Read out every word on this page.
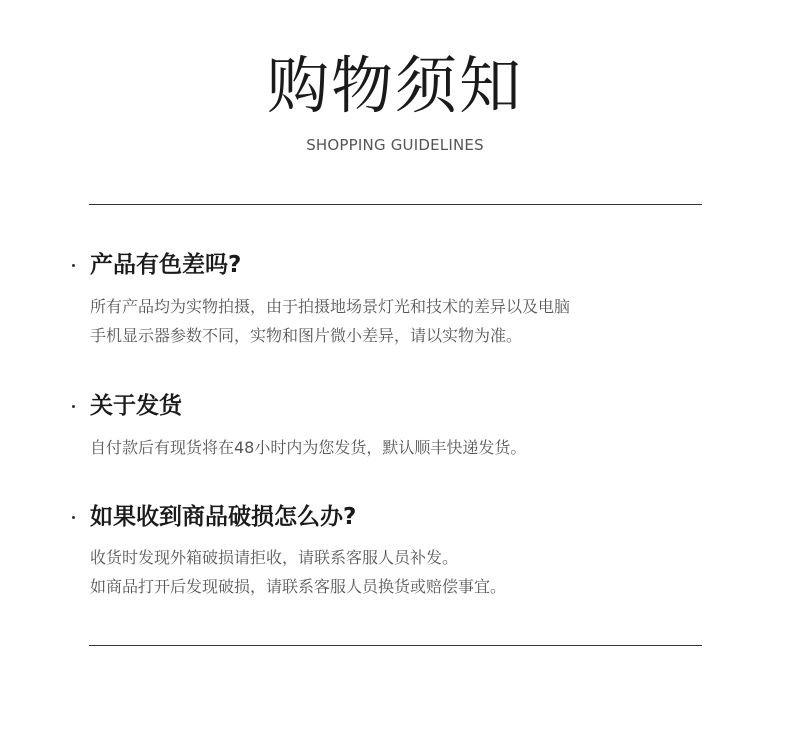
购物须知
SHOPPING GUIDELINES
产品有色差吗?
所有产品均为实物拍摄，由于拍摄地场景灯光和技术的差异以及电脑
手机显示器参数不同，实物和图片微小差异，请以实物为准。
关于发货
自付款后有现货将在48小时内为您发货，默认顺丰快递发货。
如果收到商品破损怎么办?
收货时发现外箱破损请拒收，请联系客服人员补发。
如商品打开后发现破损，请联系客服人员换货或赔偿事宜。
